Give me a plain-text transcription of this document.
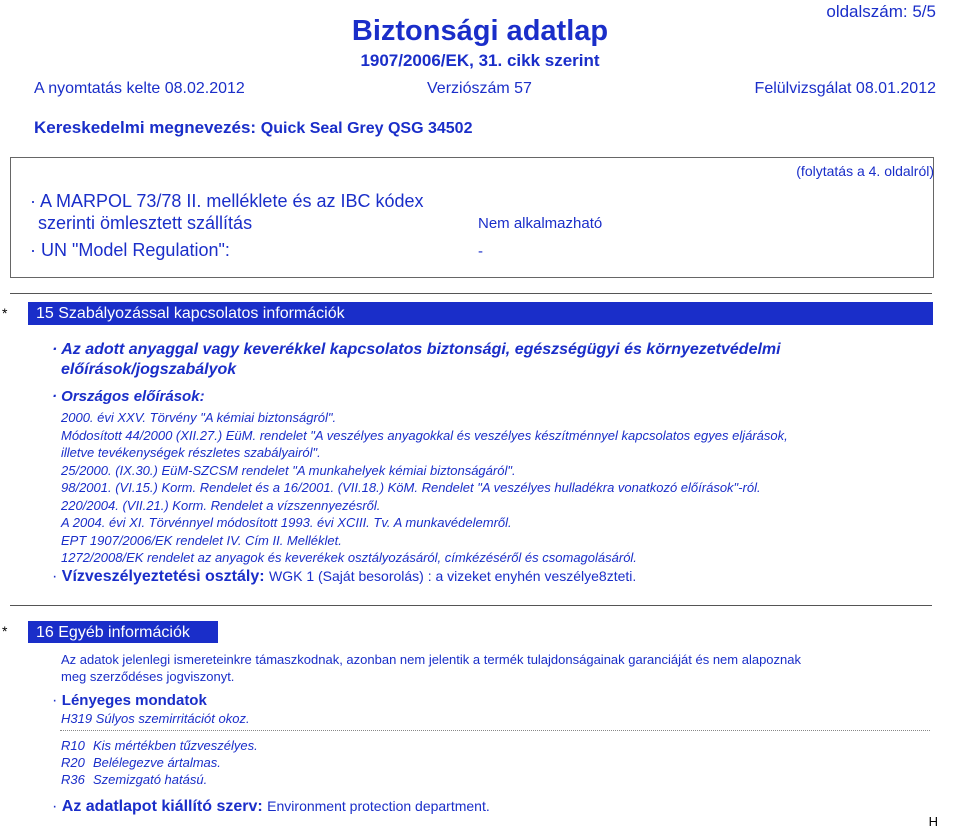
oldalszám: 5/5
Biztonsági adatlap
1907/2006/EK, 31. cikk szerint
A nyomtatás kelte 08.02.2012	Verziószám 57	Felülvizsgálat 08.01.2012
Kereskedelmi megnevezés: Quick Seal Grey QSG 34502
(folytatás a 4. oldalról)
· A MARPOL 73/78 II. melléklete és az IBC kódex
szerinti ömlesztett szállítás	Nem alkalmazható
· UN "Model Regulation":	-
*	15 Szabályozással kapcsolatos információk
· Az adott anyaggal vagy keverékkel kapcsolatos biztonsági, egészségügyi és környezetvédelmi
előírások/jogszabályok
· Országos előírások:
2000. évi XXV. Törvény "A kémiai biztonságról".
Módosított 44/2000 (XII.27.) EüM. rendelet "A veszélyes anyagokkal és veszélyes készítménnyel kapcsolatos egyes eljárások,
illetve tevékenységek részletes szabályairól".
25/2000. (IX.30.) EüM-SZCSM rendelet "A munkahelyek kémiai biztonságáról".
98/2001. (VI.15.) Korm. Rendelet és a 16/2001. (VII.18.) KöM. Rendelet "A veszélyes hulladékra vonatkozó előírások"-ról.
220/2004. (VII.21.) Korm. Rendelet a vízszennyezésről.
A 2004. évi XI. Törvénnyel módosított 1993. évi XCIII. Tv. A munkavédelemről.
EPT 1907/2006/EK rendelet IV. Cím II. Melléklet.
1272/2008/EK rendelet az anyagok és keverékek osztályozásáról, címkézéséről és csomagolásáról.
· Vízveszélyeztetési osztály: WGK 1 (Saját besorolás) : a vizeket enyhén veszélye8zteti.
*	16 Egyéb információk
Az adatok jelenlegi ismereteinkre támaszkodnak, azonban nem jelentik a termék tulajdonságainak garanciáját és nem alapoznak
meg szerződéses jogviszonyt.
· Lényeges mondatok
H319 Súlyos szemirritációt okoz.
R10 Kis mértékben tűzveszélyes.
R20 Belélegezve ártalmas.
R36 Szemizgató hatású.
· Az adatlapot kiállító szerv: Environment protection department.
H
